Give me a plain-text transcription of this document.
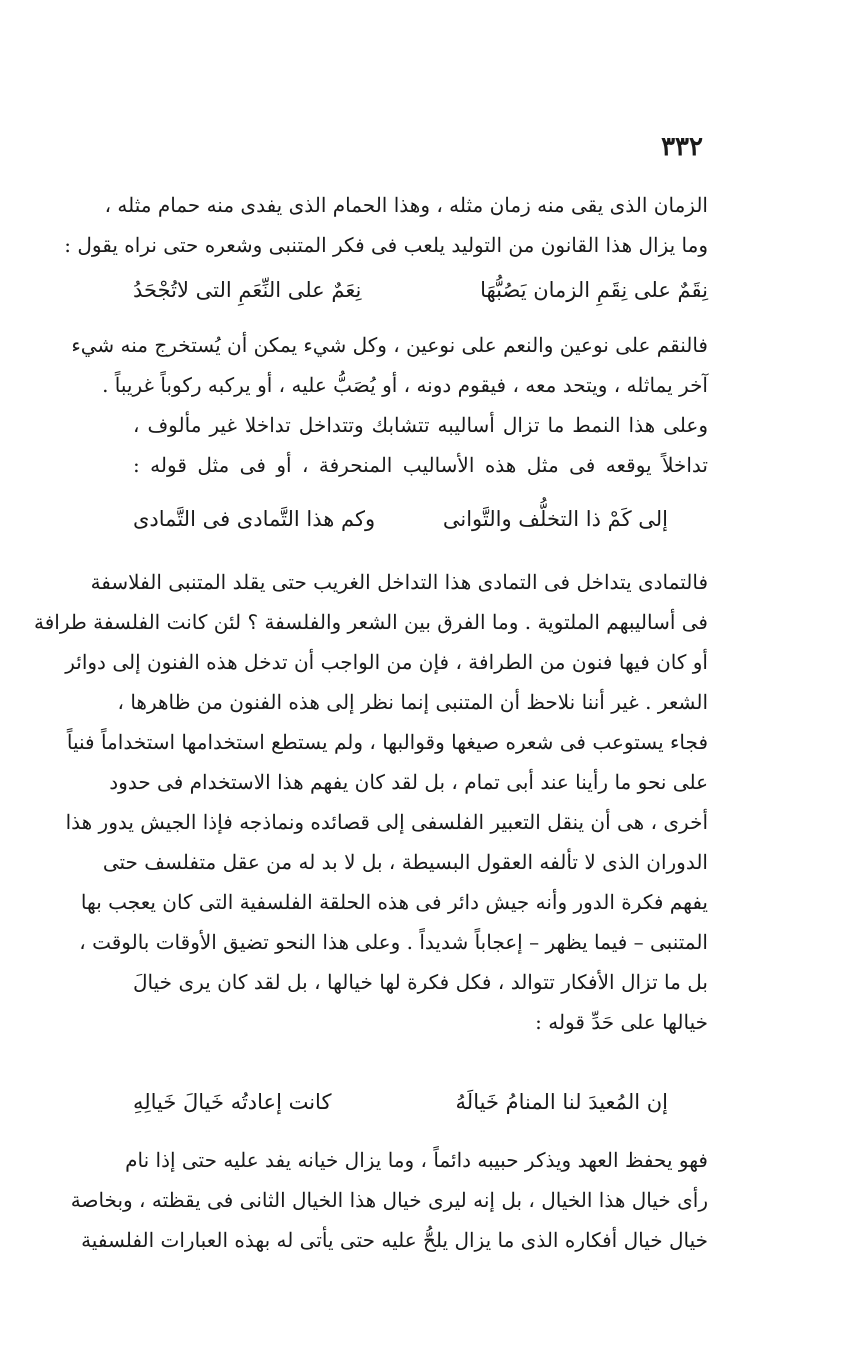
٣٣٢
الزمان الذى يقى منه زمان مثله ، وهذا الحمام الذى يفدى منه حمام مثله ،
وما يزال هذا القانون من التوليد يلعب فى فكر المتنبى وشعره حتى نراه يقول :
نِقَمٌ على نِقَمِ الزمان يَصُبُّهَا
نِعَمٌ على النِّعَمِ التى لاتُجْحَدُ
فالنقم على نوعين والنعم على نوعين ، وكل شيء يمكن أن يُستخرج منه شيء
آخر يماثله ، ويتحد معه ، فيقوم دونه ، أو يُصَبُّ عليه ، أو يركبه ركوباً غريباً .
وعلى هذا النمط ما تزال أساليبه تتشابك وتتداخل تداخلا غير مألوف ،
تداخلاً يوقعه فى مثل هذه الأساليب المنحرفة ، أو فى مثل قوله :
إلى كَمْ ذا التخلُّف والتَّوانى
وكم هذا التَّمادى فى التَّمادى
فالتمادى يتداخل فى التمادى هذا التداخل الغريب حتى يقلد المتنبى الفلاسفة
فى أساليبهم الملتوية . وما الفرق بين الشعر والفلسفة ؟ لئن كانت الفلسفة طرافة
أو كان فيها فنون من الطرافة ، فإن من الواجب أن تدخل هذه الفنون إلى دوائر
الشعر . غير أننا نلاحظ أن المتنبى إنما نظر إلى هذه الفنون من ظاهرها ،
فجاء يستوعب فى شعره صيغها وقوالبها ، ولم يستطع استخدامها استخداماً فنياً
على نحو ما رأينا عند أبى تمام ، بل لقد كان يفهم هذا الاستخدام فى حدود
أخرى ، هى أن ينقل التعبير الفلسفى إلى قصائده ونماذجه فإذا الجيش يدور هذا
الدوران الذى لا تألفه العقول البسيطة ، بل لا بد له من عقل متفلسف حتى
يفهم فكرة الدور وأنه جيش دائر فى هذه الحلقة الفلسفية التى كان يعجب بها
المتنبى – فيما يظهر – إعجاباً شديداً . وعلى هذا النحو تضيق الأوقات بالوقت ،
بل ما تزال الأفكار تتوالد ، فكل فكرة لها خيالها ، بل لقد كان يرى خيالَ
خيالها على حَدِّ قوله :
إن المُعيدَ لنا المنامُ خَيالَهُ
كانت إعادتُه خَيالَ خَيالِهِ
فهو يحفظ العهد ويذكر حبيبه دائماً ، وما يزال خيانه يفد عليه حتى إذا نام
رأى خيال هذا الخيال ، بل إنه ليرى خيال هذا الخيال الثانى فى يقظته ، وبخاصة
خيال خيال أفكاره الذى ما يزال يلحُّ عليه حتى يأتى له بهذه العبارات الفلسفية
